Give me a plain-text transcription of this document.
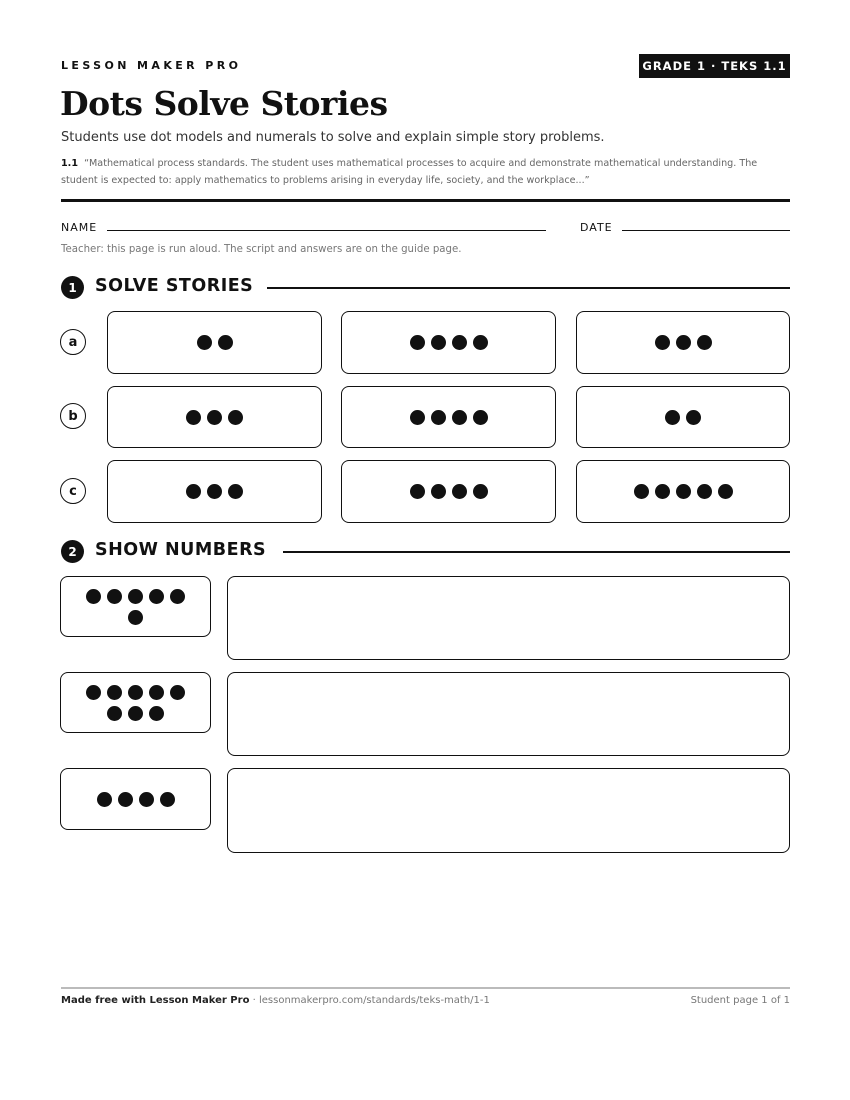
LESSON MAKER PRO	GRADE 1 · TEKS 1.1
Dots Solve Stories

Students use dot models and numerals to solve and explain simple story problems.

1.1 “Mathematical process standards. The student uses mathematical processes to acquire and demonstrate mathematical understanding. The student is expected to: apply mathematics to problems arising in everyday life, society, and the workplace...”

NAME	DATE

Teacher: this page is run aloud. The script and answers are on the guide page.

1	SOLVE STORIES
a
b
c
2	SHOW NUMBERS
Made free with Lesson Maker Pro · lessonmakerpro.com/standards/teks-math/1-1	Student page 1 of 1
